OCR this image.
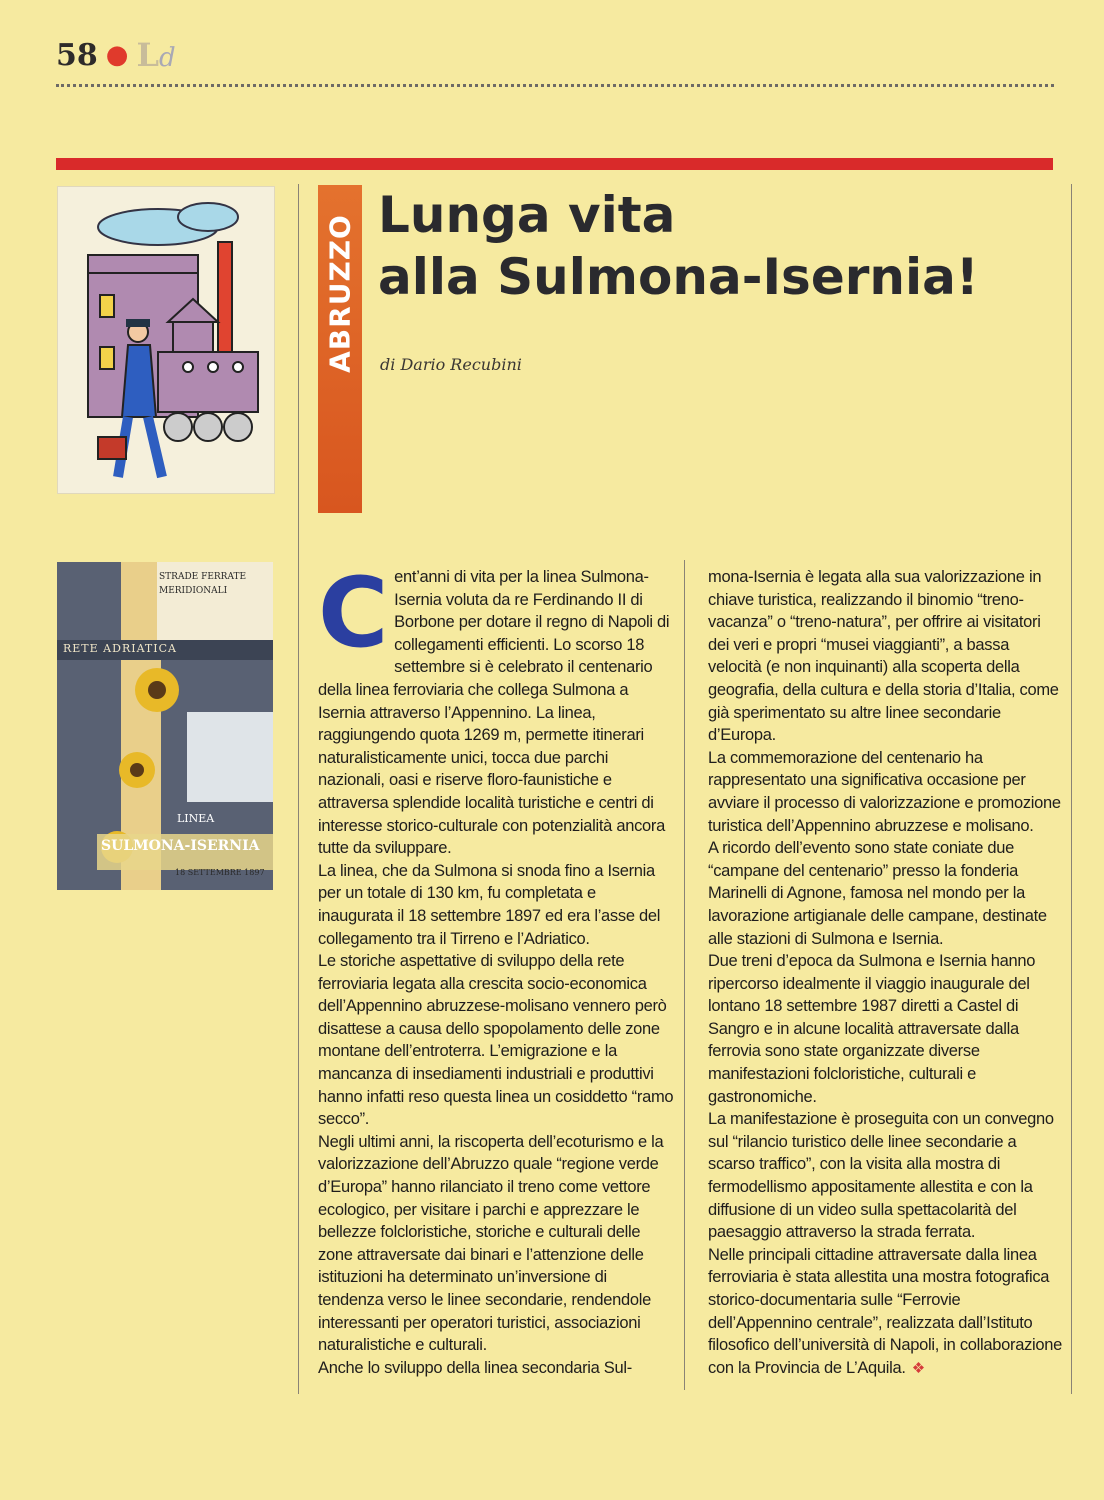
58 ● Ld
STRADE FERRATE
MERIDIONALI
RETE ADRIATICA
LINEA
SULMONA-ISERNIA
18 SETTEMBRE 1897
ABRUZZO Lunga vita
alla Sulmona-Isernia!
di Dario Recubini
C ent’anni di vita per la linea Sulmona-Isernia voluta da re Ferdinando II di Borbone per dotare il regno di Napoli di collegamenti efficienti. Lo scorso 18 settembre si è celebrato il centenario della linea ferroviaria che collega Sulmona a Isernia attraverso l’Appennino. La linea, raggiungendo quota 1269 m, permette itinerari naturalisticamente unici, tocca due parchi nazionali, oasi e riserve floro-faunistiche e attraversa splendide località turistiche e centri di interesse storico-culturale con potenzialità ancora tutte da sviluppare.

La linea, che da Sulmona si snoda fino a Isernia per un totale di 130 km, fu completata e inaugurata il 18 settembre 1897 ed era l’asse del collegamento tra il Tirreno e l’Adriatico.

Le storiche aspettative di sviluppo della rete ferroviaria legata alla crescita socio-economica dell’Appennino abruzzese-molisano vennero però disattese a causa dello spopolamento delle zone montane dell’entroterra. L’emigrazione e la mancanza di insediamenti industriali e produttivi hanno infatti reso questa linea un cosiddetto “ramo secco”.

Negli ultimi anni, la riscoperta dell’ecoturismo e la valorizzazione dell’Abruzzo quale “regione verde d’Europa” hanno rilanciato il treno come vettore ecologico, per visitare i parchi e apprezzare le bellezze folcloristiche, storiche e culturali delle zone attraversate dai binari e l’attenzione delle istituzioni ha determinato un’inversione di tendenza verso le linee secondarie, rendendole interessanti per operatori turistici, associazioni naturalistiche e culturali.

Anche lo sviluppo della linea secondaria Sul-

mona-Isernia è legata alla sua valorizzazione in chiave turistica, realizzando il binomio “treno-vacanza” o “treno-natura”, per offrire ai visitatori dei veri e propri “musei viaggianti”, a bassa velocità (e non inquinanti) alla scoperta della geografia, della cultura e della storia d’Italia, come già sperimentato su altre linee secondarie d’Europa.

La commemorazione del centenario ha rappresentato una significativa occasione per avviare il processo di valorizzazione e promozione turistica dell’Appennino abruzzese e molisano.

A ricordo dell’evento sono state coniate due “campane del centenario” presso la fonderia Marinelli di Agnone, famosa nel mondo per la lavorazione artigianale delle campane, destinate alle stazioni di Sulmona e Isernia.

Due treni d’epoca da Sulmona e Isernia hanno ripercorso idealmente il viaggio inaugurale del lontano 18 settembre 1987 diretti a Castel di Sangro e in alcune località attraversate dalla ferrovia sono state organizzate diverse manifestazioni folcloristiche, culturali e gastronomiche.

La manifestazione è proseguita con un convegno sul “rilancio turistico delle linee secondarie a scarso traffico”, con la visita alla mostra di fermodellismo appositamente allestita e con la diffusione di un video sulla spettacolarità del paesaggio attraverso la strada ferrata.

Nelle principali cittadine attraversate dalla linea ferroviaria è stata allestita una mostra fotografica storico-documentaria sulle “Ferrovie dell’Appennino centrale”, realizzata dall’Istituto filosofico dell’università di Napoli, in collaborazione con la Provincia de L’Aquila. ❖
